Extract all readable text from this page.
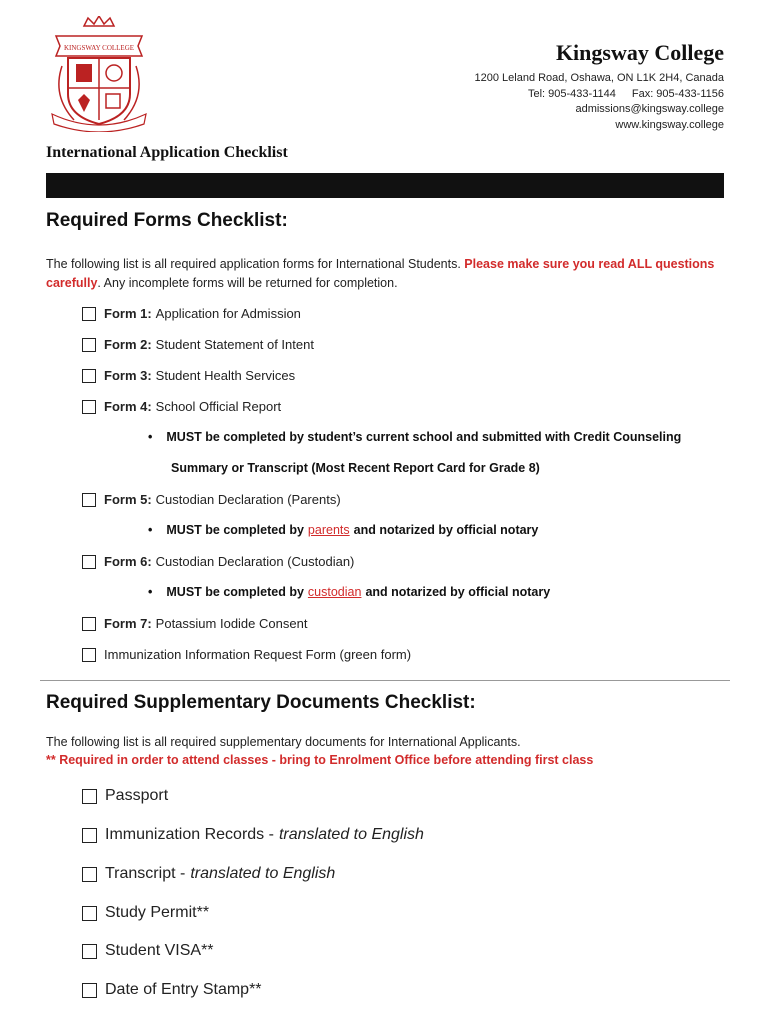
KINGSWAY COLLEGE	Kingsway College
1200 Leland Road, Oshawa, ON L1K 2H4, Canada
Tel: 905-433-1144 Fax: 905-433-1156
admissions@kingsway.college
www.kingsway.college
International Application Checklist
Required Forms Checklist:
The following list is all required application forms for International Students. Please make sure you read ALL questions carefully. Any incomplete forms will be returned for completion.
Form 1: Application for Admission
Form 2: Student Statement of Intent
Form 3: Student Health Services
Form 4: School Official Report
• MUST be completed by student’s current school and submitted with Credit Counseling
Summary or Transcript (Most Recent Report Card for Grade 8)
Form 5: Custodian Declaration (Parents)
• MUST be completed by parents and notarized by official notary
Form 6: Custodian Declaration (Custodian)
• MUST be completed by custodian and notarized by official notary
Form 7: Potassium Iodide Consent
Immunization Information Request Form (green form)
Required Supplementary Documents Checklist:
The following list is all required supplementary documents for International Applicants.
** Required in order to attend classes - bring to Enrolment Office before attending first class
Passport
Immunization Records - translated to English
Transcript - translated to English
Study Permit**
Student VISA**
Date of Entry Stamp**
